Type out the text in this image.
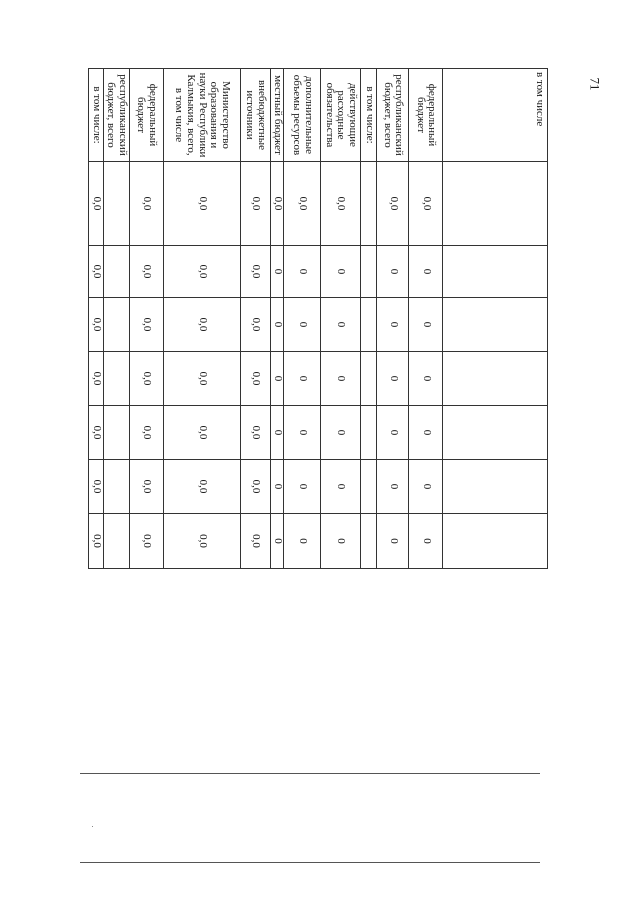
71
в том числе							
федеральный бюджет	0,0	0	0	0	0	0	0
республиканский бюджет, всего	0,0	0	0	0	0	0	0
в том числе:							
действующие расходные обязательства	0,0	0	0	0	0	0	0
дополнительные объемы ресурсов	0,0	0	0	0	0	0	0
местный бюджет	0,0	0	0	0	0	0	0
внебюджетные источники	0,0	0,0	0,0	0,0	0,0	0,0	0,0
Министерство образования и науки Республики Калмыкия, всего, в том числе	0,0	0,0	0,0	0,0	0,0	0,0	0,0
федеральный бюджет	0,0	0,0	0,0	0,0	0,0	0,0	0,0
республиканский бюджет, всего							
в том числе:	0,0	0,0	0,0	0,0	0,0	0,0	0,0
